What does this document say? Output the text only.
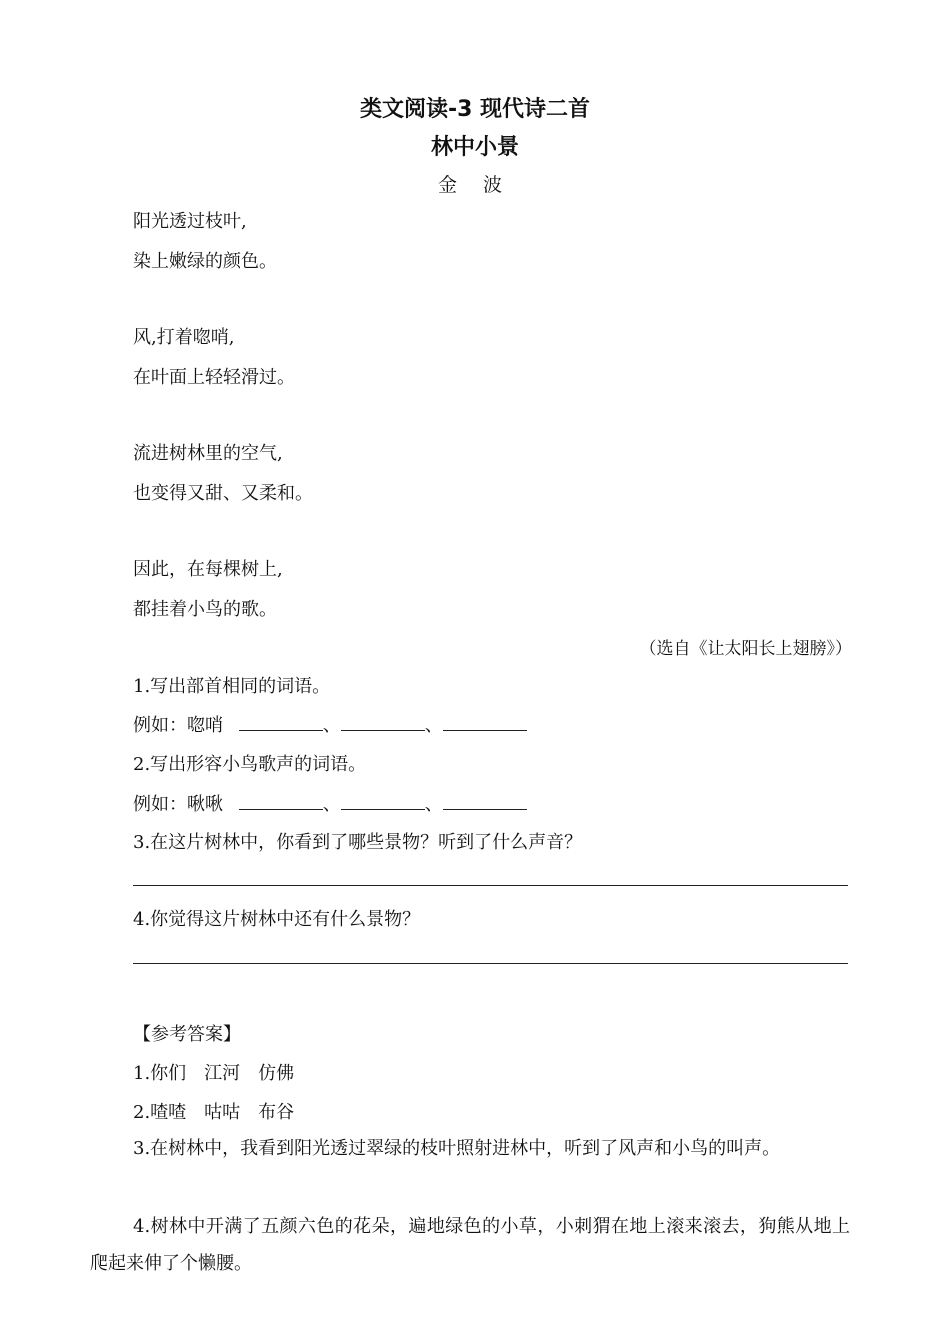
类文阅读-3 现代诗二首
林中小景
金 波
阳光透过枝叶,
染上嫩绿的颜色。
风,打着唿哨,
在叶面上轻轻滑过。
流进树林里的空气,
也变得又甜、又柔和。
因此，在每棵树上,
都挂着小鸟的歌。
（选自《让太阳长上翅膀》）
1.写出部首相同的词语。
例如：唿哨	、	、
2.写出形容小鸟歌声的词语。
例如：啾啾	、	、
3.在这片树林中，你看到了哪些景物？听到了什么声音？
4.你觉得这片树林中还有什么景物？
【参考答案】
1.你们　江河　仿佛
2.喳喳　咕咕　布谷
3.在树林中，我看到阳光透过翠绿的枝叶照射进林中，听到了风声和小鸟的叫声。
4.树林中开满了五颜六色的花朵，遍地绿色的小草，小刺猬在地上滚来滚去，狗熊从地上爬起来伸了个懒腰。
